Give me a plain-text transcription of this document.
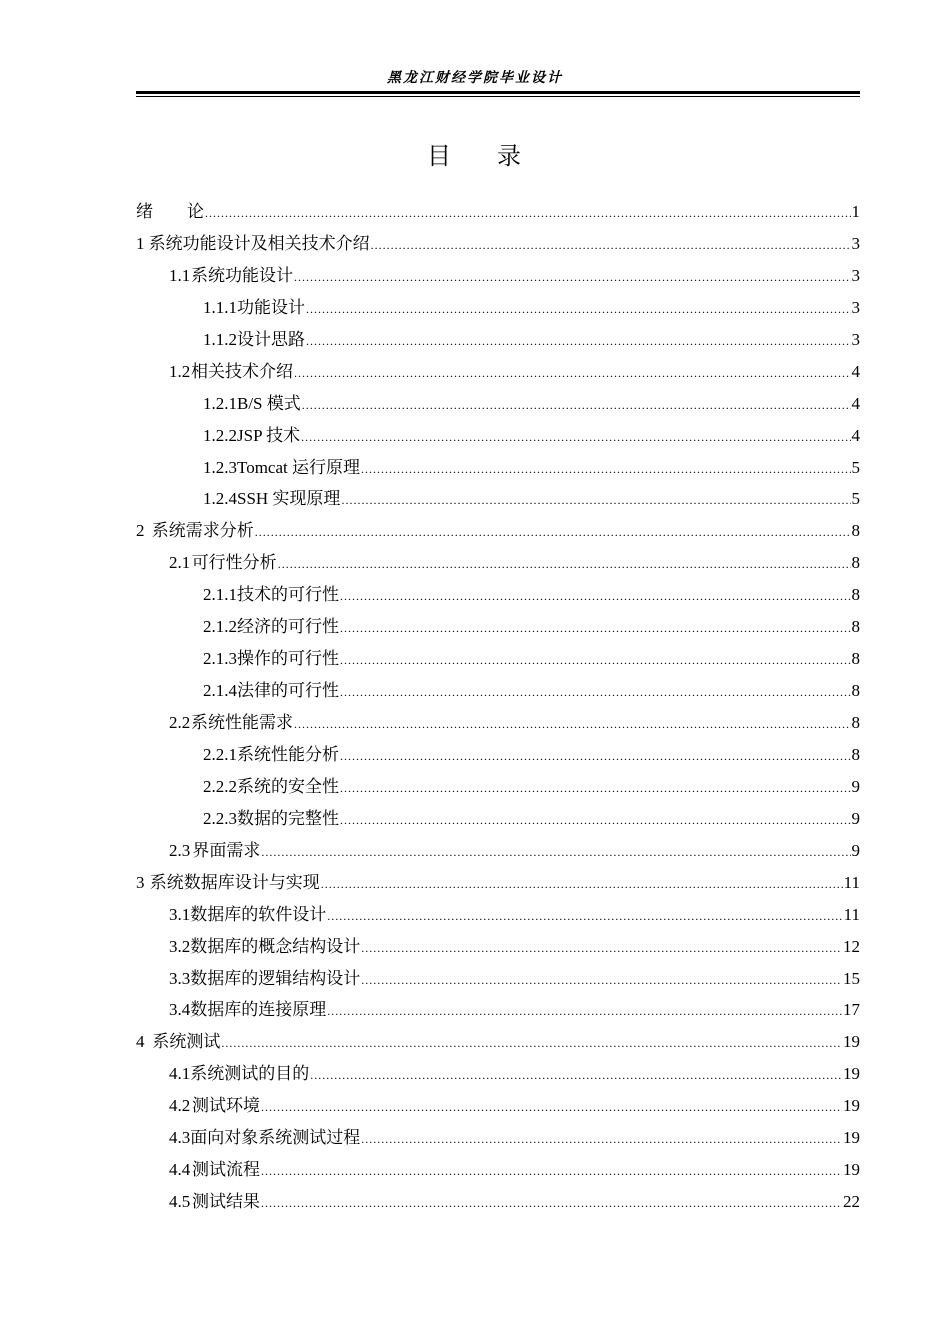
黑龙江财经学院毕业设计
目 录
绪　　论 .....	1
1 系统功能设计及相关技术介绍 .....	3
1.1 系统功能设计 .....	3
1.1.1 功能设计 .....	3
1.1.2 设计思路 .....	3
1.2 相关技术介绍 .....	4
1.2.1 B/S 模式 .....	4
1.2.2 JSP 技术 .....	4
1.2.3 Tomcat 运行原理 .....	5
1.2.4 SSH 实现原理 .....	5
2 系统需求分析 .....	8
2.1 可行性分析 .....	8
2.1.1 技术的可行性 .....	8
2.1.2 经济的可行性 .....	8
2.1.3 操作的可行性 .....	8
2.1.4 法律的可行性 .....	8
2.2 系统性能需求 .....	8
2.2.1 系统性能分析 .....	8
2.2.2 系统的安全性 .....	9
2.2.3 数据的完整性 .....	9
2.3 界面需求 .....	9
3 系统数据库设计与实现 .....	11
3.1 数据库的软件设计 .....	11
3.2 数据库的概念结构设计 .....	12
3.3 数据库的逻辑结构设计 .....	15
3.4 数据库的连接原理 .....	17
4 系统测试 .....	19
4.1 系统测试的目的 .....	19
4.2 测试环境 .....	19
4.3 面向对象系统测试过程 .....	19
4.4 测试流程 .....	19
4.5 测试结果 .....	22
